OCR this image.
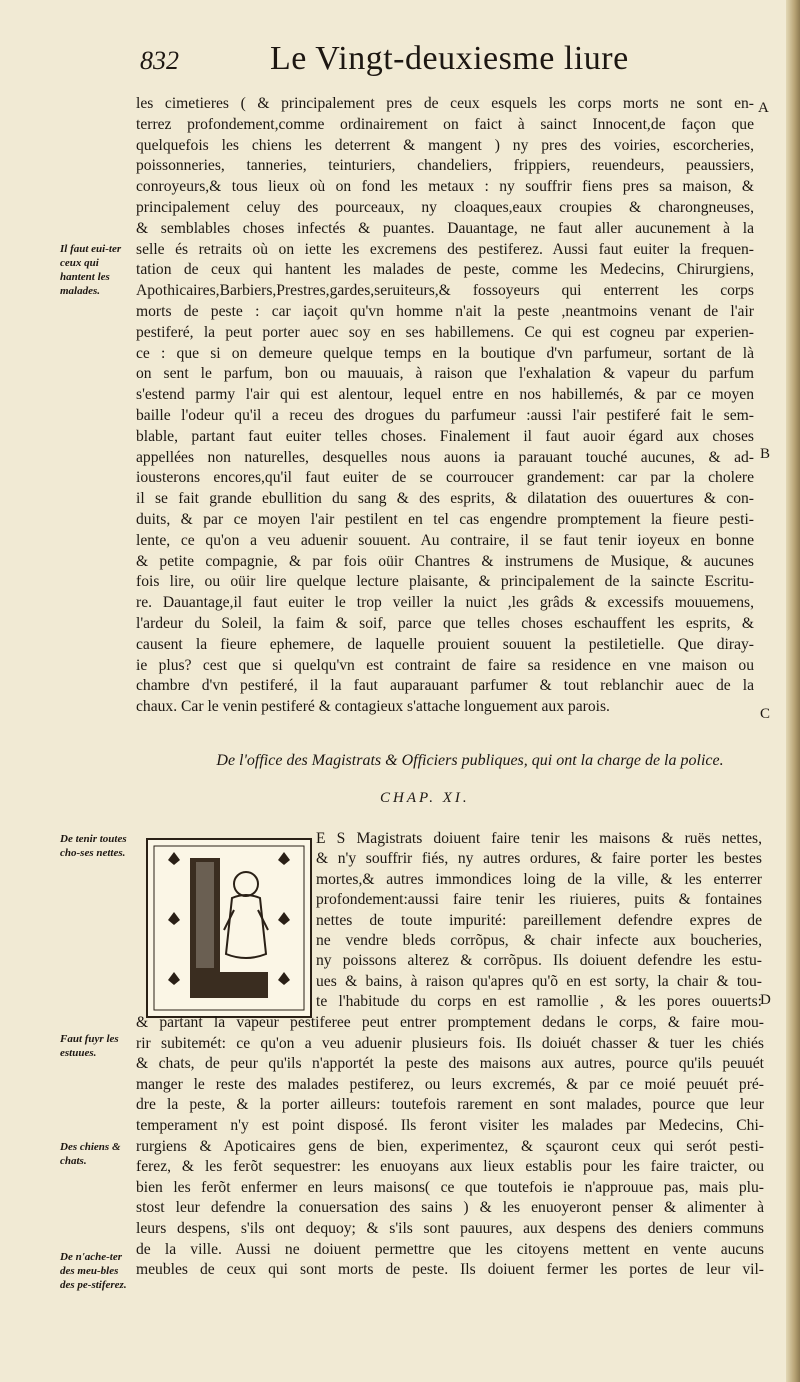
832	Le Vingt-deuxiesme liure
les cimetieres ( & principalement pres de ceux esquels les corps morts ne sont en-
terrez profondement,comme ordinairement on faict à sainct Innocent,de façon que
quelquefois les chiens les deterrent & mangent ) ny pres des voiries, escorcheries,
poissonneries, tanneries, teinturiers, chandeliers, frippiers, reuendeurs, peaussiers,
conroyeurs,& tous lieux où on fond les metaux : ny souffrir fiens pres sa maison, &
principalement celuy des pourceaux, ny cloaques,eaux croupies & charongneuses,
& semblables choses infectés & puantes. Dauantage, ne faut aller aucunement à la
selle és retraits où on iette les excremens des pestiferez. Aussi faut euiter la frequen-
tation de ceux qui hantent les malades de peste, comme les Medecins, Chirurgiens,
Apothicaires,Barbiers,Prestres,gardes,seruiteurs,& fossoyeurs qui enterrent les corps
morts de peste : car iaçoit qu'vn homme n'ait la peste ,neantmoins venant de l'air
pestiferé, la peut porter auec soy en ses habillemens. Ce qui est cogneu par experien-
ce : que si on demeure quelque temps en la boutique d'vn parfumeur, sortant de là
on sent le parfum, bon ou mauuais, à raison que l'exhalation & vapeur du parfum
s'estend parmy l'air qui est alentour, lequel entre en nos habillemés, & par ce moyen
baille l'odeur qu'il a receu des drogues du parfumeur :aussi l'air pestiferé fait le sem-
blable, partant faut euiter telles choses. Finalement il faut auoir égard aux choses
appellées non naturelles, desquelles nous auons ia parauant touché aucunes, & ad-
iousterons encores,qu'il faut euiter de se courroucer grandement: car par la cholere
il se fait grande ebullition du sang & des esprits, & dilatation des ouuertures & con-
duits, & par ce moyen l'air pestilent en tel cas engendre promptement la fieure pesti-
lente, ce qu'on a veu aduenir souuent. Au contraire, il se faut tenir ioyeux en bonne
& petite compagnie, & par fois oüir Chantres & instrumens de Musique, & aucunes
fois lire, ou oüir lire quelque lecture plaisante, & principalement de la saincte Escritu-
re. Dauantage,il faut euiter le trop veiller la nuict ,les grâds & excessifs mouuemens,
l'ardeur du Soleil, la faim & soif, parce que telles choses eschauffent les esprits, &
causent la fieure ephemere, de laquelle prouient souuent la pestiletielle. Que diray-
ie plus? cest que si quelqu'vn est contraint de faire sa residence en vne maison ou
chambre d'vn pestiferé, il la faut auparauant parfumer & tout reblanchir auec de la
chaux. Car le venin pestiferé & contagieux s'attache longuement aux parois.
Il faut eui-ter ceux qui hantent les malades.
De tenir toutes cho-ses nettes.
Faut fuyr les estuues.
Des chiens & chats.
De n'ache-ter des meu-bles des pe-stiferez.
A
B
C
D
De l'office des Magistrats & Officiers publiques, qui ont la charge de la police.
CHAP. XI.
E S Magistrats doiuent faire tenir les maisons & ruës nettes,
& n'y souffrir fiés, ny autres ordures, & faire porter les bestes
mortes,& autres immondices loing de la ville, & les enterrer
profondement:aussi faire tenir les riuieres, puits & fontaines
nettes de toute impurité: pareillement defendre expres de
ne vendre bleds corrõpus, & chair infecte aux boucheries,
ny poissons alterez & corrõpus. Ils doiuent defendre les estu-
ues & bains, à raison qu'apres qu'õ en est sorty, la chair & tou-
te l'habitude du corps en est ramollie , & les pores ouuerts:
& partant la vapeur pestiferee peut entrer promptement dedans le corps, & faire mou-
rir subitemét: ce qu'on a veu aduenir plusieurs fois. Ils doiuét chasser & tuer les chiés
& chats, de peur qu'ils n'apportét la peste des maisons aux autres, pource qu'ils peuuét
manger le reste des malades pestiferez, ou leurs excremés, & par ce moié peuuét pré-
dre la peste, & la porter ailleurs: toutefois rarement en sont malades, pource que leur
temperament n'y est point disposé. Ils feront visiter les malades par Medecins, Chi-
rurgiens & Apoticaires gens de bien, experimentez, & sçauront ceux qui serót pesti-
ferez, & les ferõt sequestrer: les enuoyans aux lieux establis pour les faire traicter, ou
bien les ferõt enfermer en leurs maisons( ce que toutefois ie n'approuue pas, mais plu-
stost leur defendre la conuersation des sains ) & les enuoyeront penser & alimenter à
leurs despens, s'ils ont dequoy; & s'ils sont pauures, aux despens des deniers communs
de la ville. Aussi ne doiuent permettre que les citoyens mettent en vente aucuns
meubles de ceux qui sont morts de peste. Ils doiuent fermer les portes de leur vil-
